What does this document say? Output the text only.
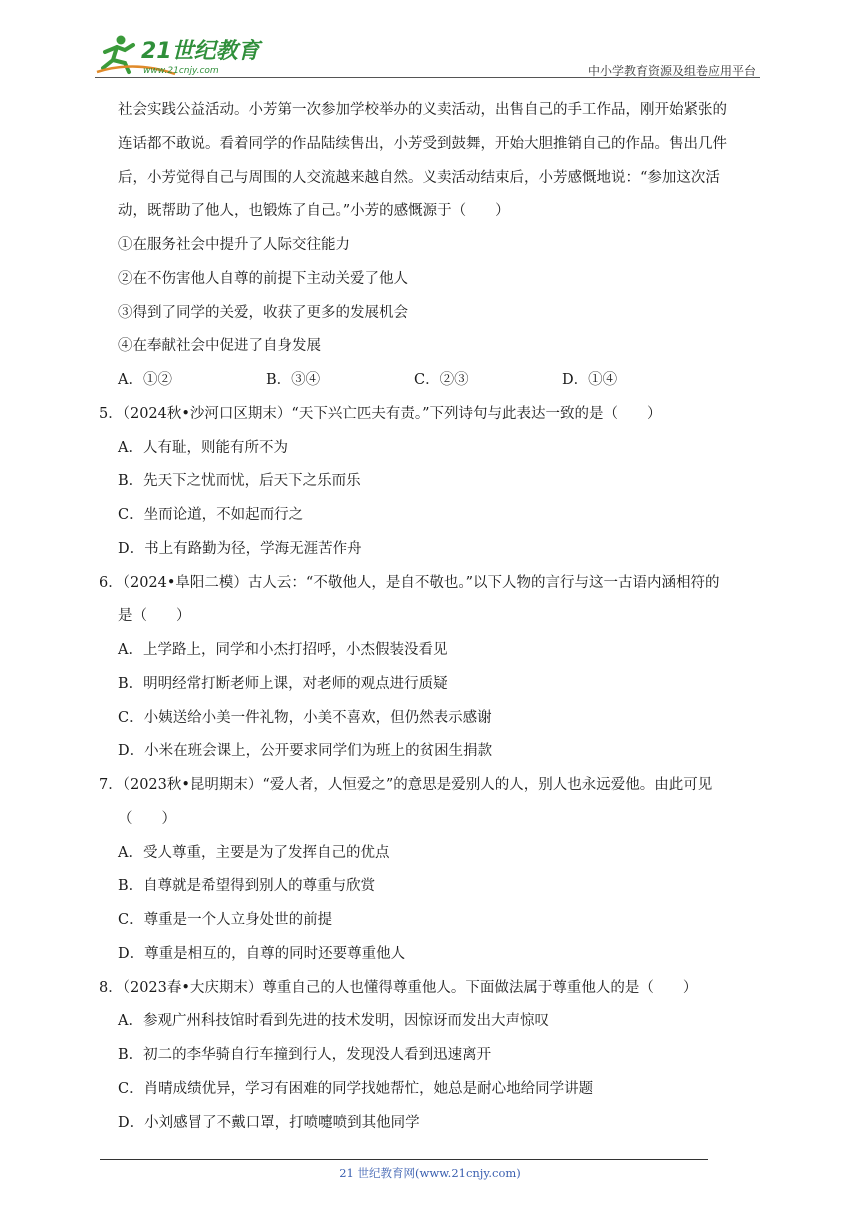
21世纪教育
www.21cnjy.com	中小学教育资源及组卷应用平台
社会实践公益活动。小芳第一次参加学校举办的义卖活动，出售自己的手工作品，刚开始紧张的
连话都不敢说。看着同学的作品陆续售出，小芳受到鼓舞，开始大胆推销自己的作品。售出几件
后，小芳觉得自己与周围的人交流越来越自然。义卖活动结束后，小芳感慨地说：“参加这次活
动，既帮助了他人，也锻炼了自己。”小芳的感慨源于（　　）
①在服务社会中提升了人际交往能力
②在不伤害他人自尊的前提下主动关爱了他人
③得到了同学的关爱，收获了更多的发展机会
④在奉献社会中促进了自身发展
A．①②	B．③④	C．②③	D．①④
5．（2024秋•沙河口区期末）“天下兴亡匹夫有责。”下列诗句与此表达一致的是（　　）
A．人有耻，则能有所不为
B．先天下之忧而忧，后天下之乐而乐
C．坐而论道，不如起而行之
D．书上有路勤为径，学海无涯苦作舟
6．（2024•阜阳二模）古人云：“不敬他人，是自不敬也。”以下人物的言行与这一古语内涵相符的
是（　　）
A．上学路上，同学和小杰打招呼，小杰假装没看见
B．明明经常打断老师上课，对老师的观点进行质疑
C．小姨送给小美一件礼物，小美不喜欢，但仍然表示感谢
D．小米在班会课上，公开要求同学们为班上的贫困生捐款
7．（2023秋•昆明期末）“爱人者，人恒爱之”的意思是爱别人的人，别人也永远爱他。由此可见
（　　）
A．受人尊重，主要是为了发挥自己的优点
B．自尊就是希望得到别人的尊重与欣赏
C．尊重是一个人立身处世的前提
D．尊重是相互的，自尊的同时还要尊重他人
8．（2023春•大庆期末）尊重自己的人也懂得尊重他人。下面做法属于尊重他人的是（　　）
A．参观广州科技馆时看到先进的技术发明，因惊讶而发出大声惊叹
B．初二的李华骑自行车撞到行人，发现没人看到迅速离开
C．肖晴成绩优异，学习有困难的同学找她帮忙，她总是耐心地给同学讲题
D．小刘感冒了不戴口罩，打喷嚏喷到其他同学
21 世纪教育网(www.21cnjy.com)
